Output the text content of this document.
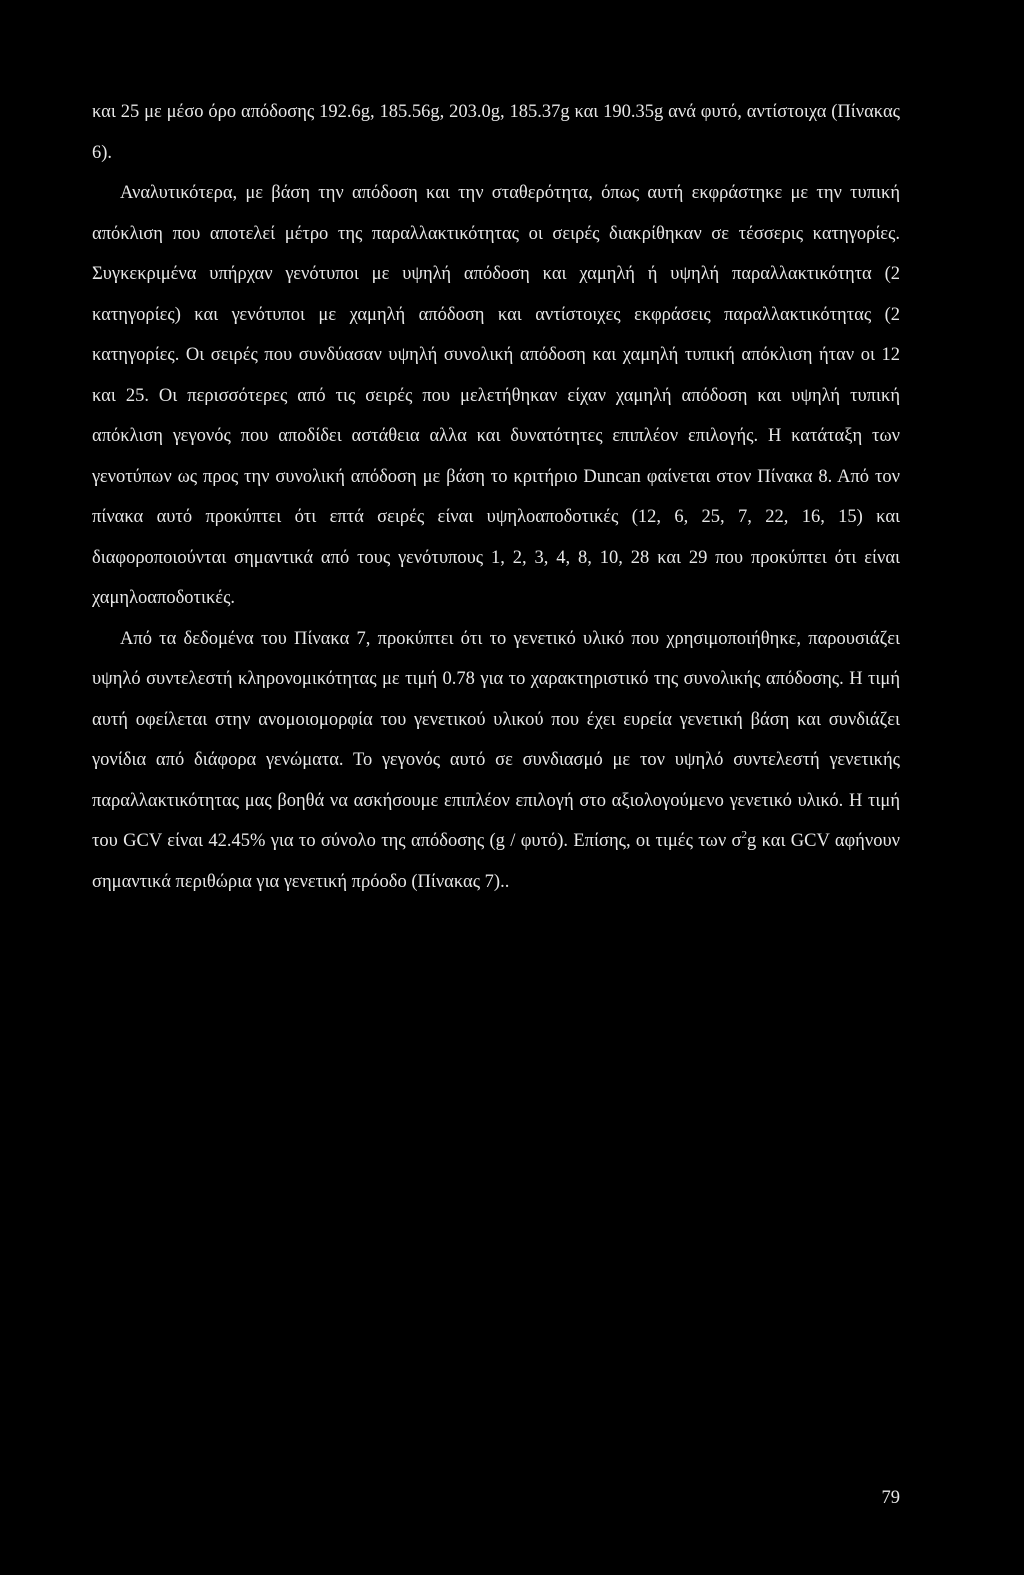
και 25 με μέσο όρο απόδοσης 192.6g, 185.56g, 203.0g, 185.37g και 190.35g ανά φυτό, αντίστοιχα (Πίνακας 6).

Αναλυτικότερα, με βάση την απόδοση και την σταθερότητα, όπως αυτή εκφράστηκε με την τυπική απόκλιση που αποτελεί μέτρο της παραλλακτικότητας οι σειρές διακρίθηκαν σε τέσσερις κατηγορίες. Συγκεκριμένα υπήρχαν γενότυποι με υψηλή απόδοση και χαμηλή ή υψηλή παραλλακτικότητα (2 κατηγορίες) και γενότυποι με χαμηλή απόδοση και αντίστοιχες εκφράσεις παραλλακτικότητας (2 κατηγορίες. Οι σειρές που συνδύασαν υψηλή συνολική απόδοση και χαμηλή τυπική απόκλιση ήταν οι 12 και 25. Οι περισσότερες από τις σειρές που μελετήθηκαν είχαν χαμηλή απόδοση και υψηλή τυπική απόκλιση γεγονός που αποδίδει αστάθεια αλλα και δυνατότητες επιπλέον επιλογής. Η κατάταξη των γενοτύπων ως προς την συνολική απόδοση με βάση το κριτήριο Duncan φαίνεται στον Πίνακα 8. Από τον πίνακα αυτό προκύπτει ότι επτά σειρές είναι υψηλοαποδοτικές (12, 6, 25, 7, 22, 16, 15) και διαφοροποιούνται σημαντικά από τους γενότυπους 1, 2, 3, 4, 8, 10, 28 και 29 που προκύπτει ότι είναι χαμηλοαποδοτικές.

Από τα δεδομένα του Πίνακα 7, προκύπτει ότι το γενετικό υλικό που χρησιμοποιήθηκε, παρουσιάζει υψηλό συντελεστή κληρονομικότητας με τιμή 0.78 για το χαρακτηριστικό της συνολικής απόδοσης. Η τιμή αυτή οφείλεται στην ανομοιομορφία του γενετικού υλικού που έχει ευρεία γενετική βάση και συνδιάζει γονίδια από διάφορα γενώματα. Το γεγονός αυτό σε συνδιασμό με τον υψηλό συντελεστή γενετικής παραλλακτικότητας μας βοηθά να ασκήσουμε επιπλέον επιλογή στο αξιολογούμενο γενετικό υλικό. Η τιμή του GCV είναι 42.45% για το σύνολο της απόδοσης (g / φυτό). Επίσης, οι τιμές των $\sigma^2g$ και GCV αφήνουν σημαντικά περιθώρια για γενετική πρόοδο (Πίνακας 7)..

79
